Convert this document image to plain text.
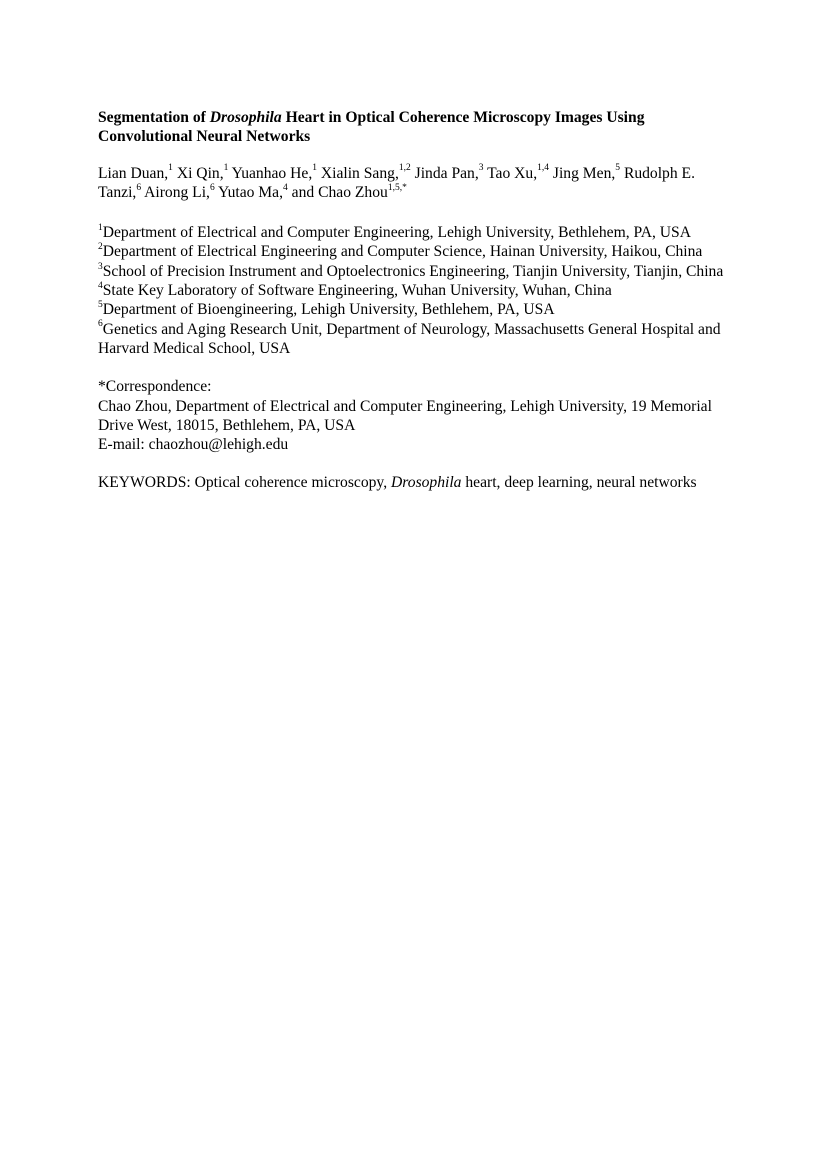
Segmentation of Drosophila Heart in Optical Coherence Microscopy Images Using Convolutional Neural Networks
Lian Duan,$^1$ Xi Qin,$^1$ Yuanhao He,$^1$ Xialin Sang,$^{1,2}$ Jinda Pan,$^3$ Tao Xu,$^{1,4}$ Jing Men,$^5$ Rudolph E. Tanzi,$^6$ Airong Li,$^6$ Yutao Ma,$^4$ and Chao Zhou$^{1,5,*}$
$^1$Department of Electrical and Computer Engineering, Lehigh University, Bethlehem, PA, USA
$^2$Department of Electrical Engineering and Computer Science, Hainan University, Haikou, China
$^3$School of Precision Instrument and Optoelectronics Engineering, Tianjin University, Tianjin, China
$^4$State Key Laboratory of Software Engineering, Wuhan University, Wuhan, China
$^5$Department of Bioengineering, Lehigh University, Bethlehem, PA, USA
$^6$Genetics and Aging Research Unit, Department of Neurology, Massachusetts General Hospital and Harvard Medical School, USA
*Correspondence:
Chao Zhou, Department of Electrical and Computer Engineering, Lehigh University, 19 Memorial Drive West, 18015, Bethlehem, PA, USA
E-mail: chaozhou@lehigh.edu
KEYWORDS: Optical coherence microscopy, Drosophila heart, deep learning, neural networks
